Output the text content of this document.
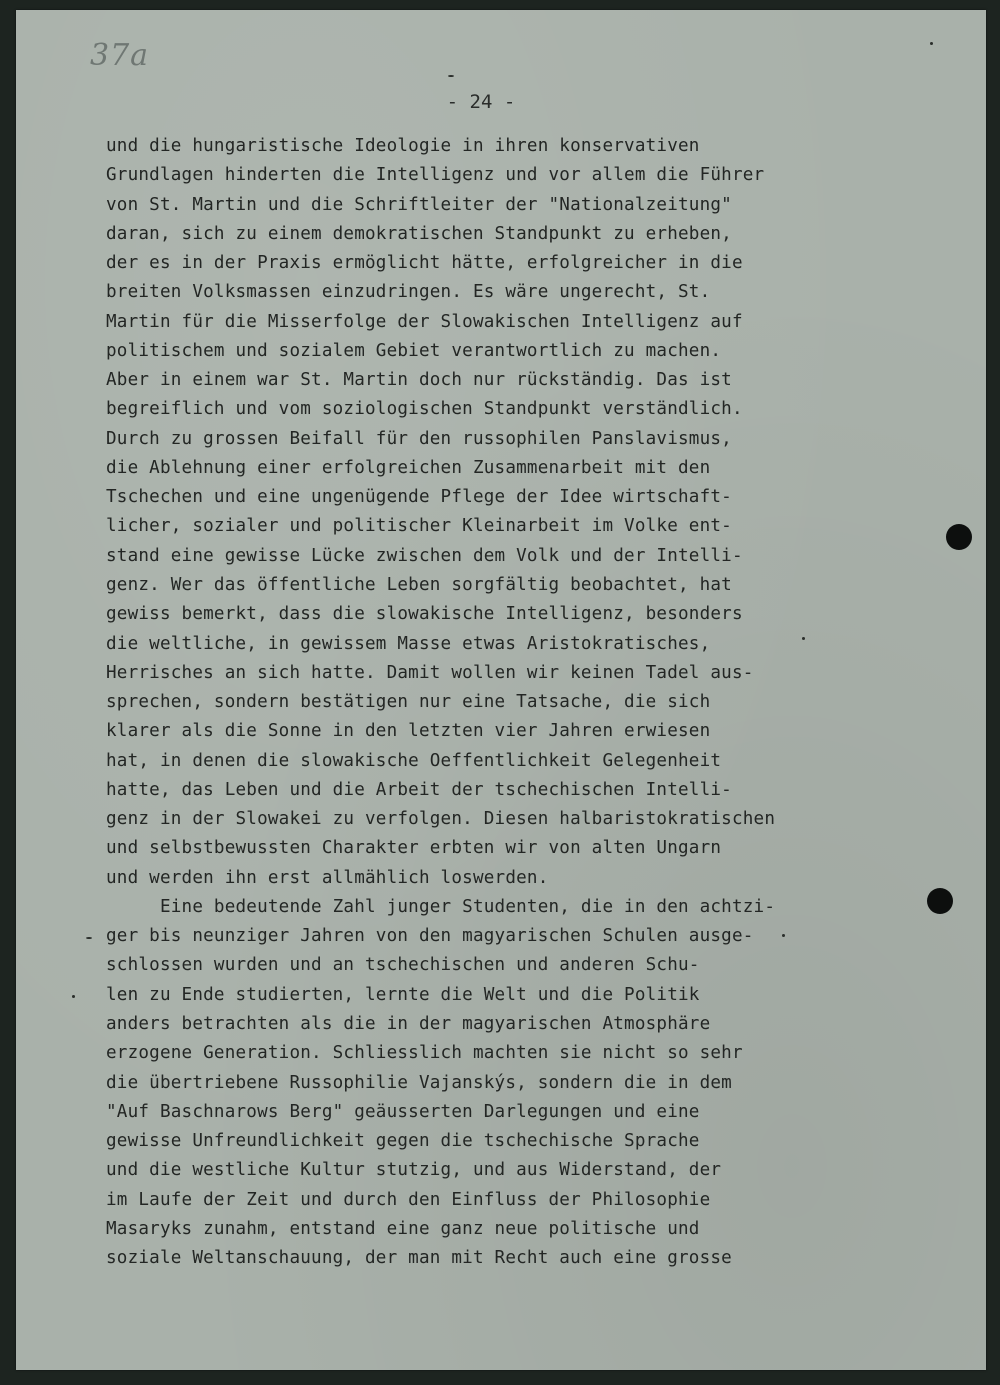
37a
- 24 -
und die hungaristische Ideologie in ihren konservativen
Grundlagen hinderten die Intelligenz und vor allem die Führer
von St. Martin und die Schriftleiter der "Nationalzeitung"
daran, sich zu einem demokratischen Standpunkt zu erheben,
der es in der Praxis ermöglicht hätte, erfolgreicher in die
breiten Volksmassen einzudringen. Es wäre ungerecht, St.
Martin für die Misserfolge der Slowakischen Intelligenz auf
politischem und sozialem Gebiet verantwortlich zu machen.
Aber in einem war St. Martin doch nur rückständig. Das ist
begreiflich und vom soziologischen Standpunkt verständlich.
Durch zu grossen Beifall für den russophilen Panslavismus,
die Ablehnung einer erfolgreichen Zusammenarbeit mit den
Tschechen und eine ungenügende Pflege der Idee wirtschaft-
licher, sozialer und politischer Kleinarbeit im Volke ent-
stand eine gewisse Lücke zwischen dem Volk und der Intelli-
genz. Wer das öffentliche Leben sorgfältig beobachtet, hat
gewiss bemerkt, dass die slowakische Intelligenz, besonders
die weltliche, in gewissem Masse etwas Aristokratisches,
Herrisches an sich hatte. Damit wollen wir keinen Tadel aus-
sprechen, sondern bestätigen nur eine Tatsache, die sich
klarer als die Sonne in den letzten vier Jahren erwiesen
hat, in denen die slowakische Oeffentlichkeit Gelegenheit
hatte, das Leben und die Arbeit der tschechischen Intelli-
genz in der Slowakei zu verfolgen. Diesen halbaristokratischen
und selbstbewussten Charakter erbten wir von alten Ungarn
und werden ihn erst allmählich loswerden.
Eine bedeutende Zahl junger Studenten, die in den achtzi-
ger bis neunziger Jahren von den magyarischen Schulen ausge-
schlossen wurden und an tschechischen und anderen Schu-
len zu Ende studierten, lernte die Welt und die Politik
anders betrachten als die in der magyarischen Atmosphäre
erzogene Generation. Schliesslich machten sie nicht so sehr
die übertriebene Russophilie Vajanskýs, sondern die in dem
"Auf Baschnarows Berg" geäusserten Darlegungen und eine
gewisse Unfreundlichkeit gegen die tschechische Sprache
und die westliche Kultur stutzig, und aus Widerstand, der
im Laufe der Zeit und durch den Einfluss der Philosophie
Masaryks zunahm, entstand eine ganz neue politische und
soziale Weltanschauung, der man mit Recht auch eine grosse
